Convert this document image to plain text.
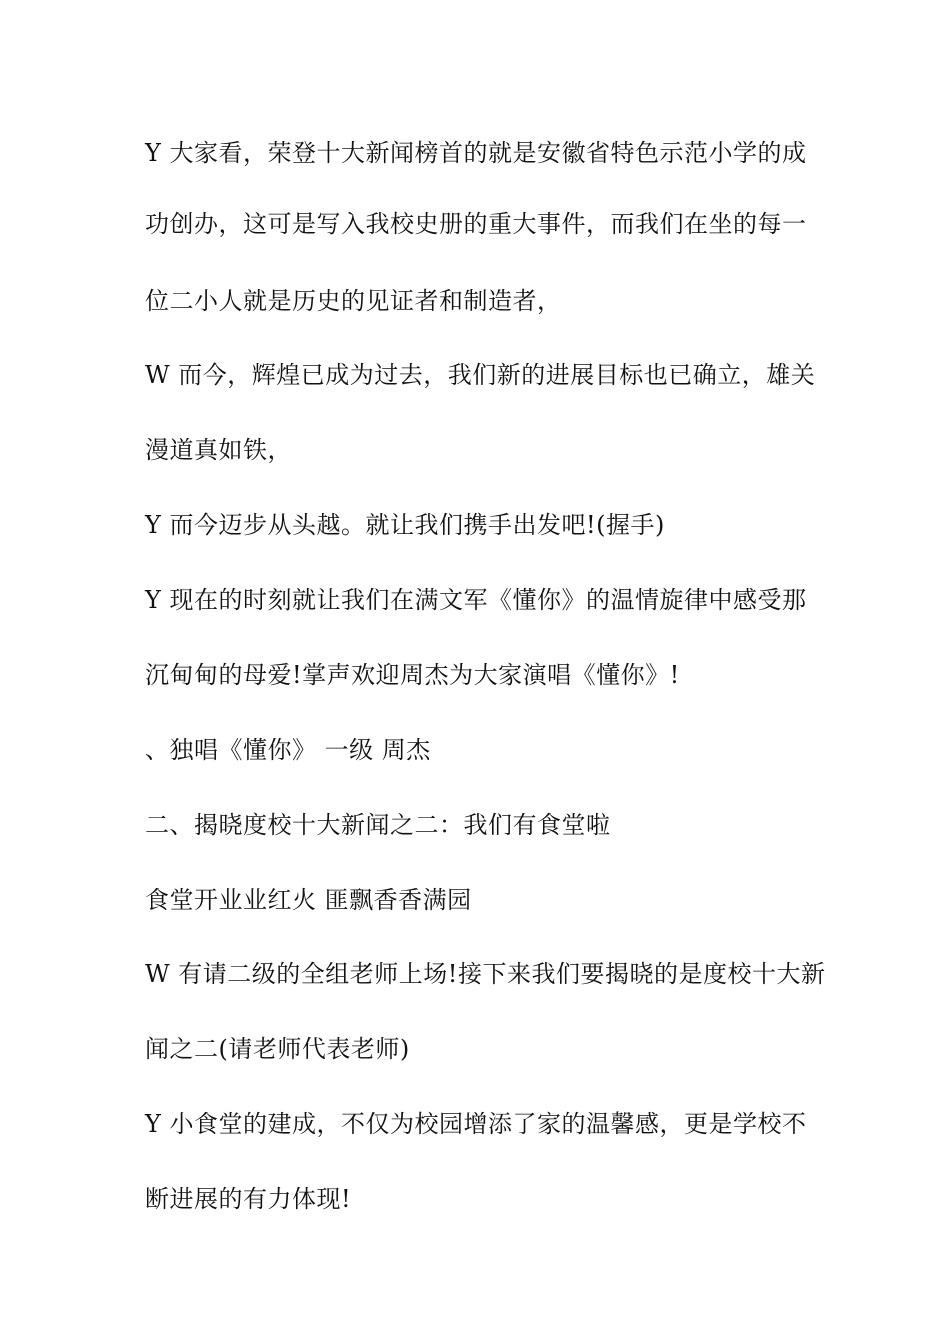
Y 大家看，荣登十大新闻榜首的就是安徽省特色示范小学的成
功创办，这可是写入我校史册的重大事件，而我们在坐的每一
位二小人就是历史的见证者和制造者，
W 而今，辉煌已成为过去，我们新的进展目标也已确立，雄关
漫道真如铁，
Y 而今迈步从头越。就让我们携手出发吧!(握手)
Y 现在的时刻就让我们在满文军《懂你》的温情旋律中感受那
沉甸甸的母爱!掌声欢迎周杰为大家演唱《懂你》!
、独唱《懂你》 一级 周杰
二、揭晓度校十大新闻之二：我们有食堂啦
食堂开业业红火 匪飘香香满园
W 有请二级的全组老师上场!接下来我们要揭晓的是度校十大新
闻之二(请老师代表老师)
Y 小食堂的建成，不仅为校园增添了家的温馨感，更是学校不
断进展的有力体现!
